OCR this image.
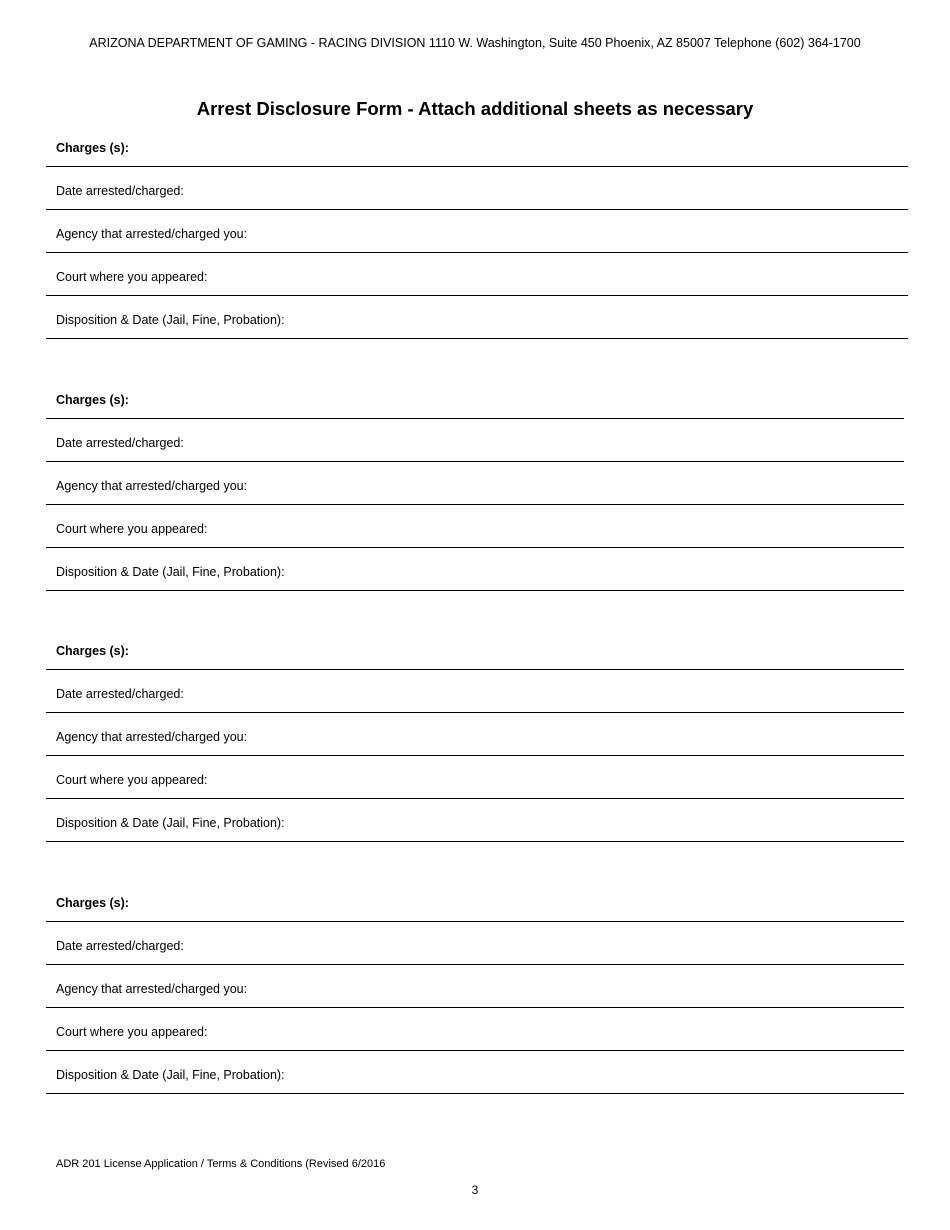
ARIZONA DEPARTMENT OF GAMING - RACING DIVISION 1110 W. Washington, Suite 450 Phoenix, AZ 85007 Telephone (602) 364-1700
Arrest Disclosure Form - Attach additional sheets as necessary
Charges (s):
Date arrested/charged:
Agency that arrested/charged you:
Court where you appeared:
Disposition & Date (Jail, Fine, Probation):
Charges (s):
Date arrested/charged:
Agency that arrested/charged you:
Court where you appeared:
Disposition & Date (Jail, Fine, Probation):
Charges (s):
Date arrested/charged:
Agency that arrested/charged you:
Court where you appeared:
Disposition & Date (Jail, Fine, Probation):
Charges (s):
Date arrested/charged:
Agency that arrested/charged you:
Court where you appeared:
Disposition & Date (Jail, Fine, Probation):
ADR 201 License Application / Terms & Conditions (Revised 6/2016
3
